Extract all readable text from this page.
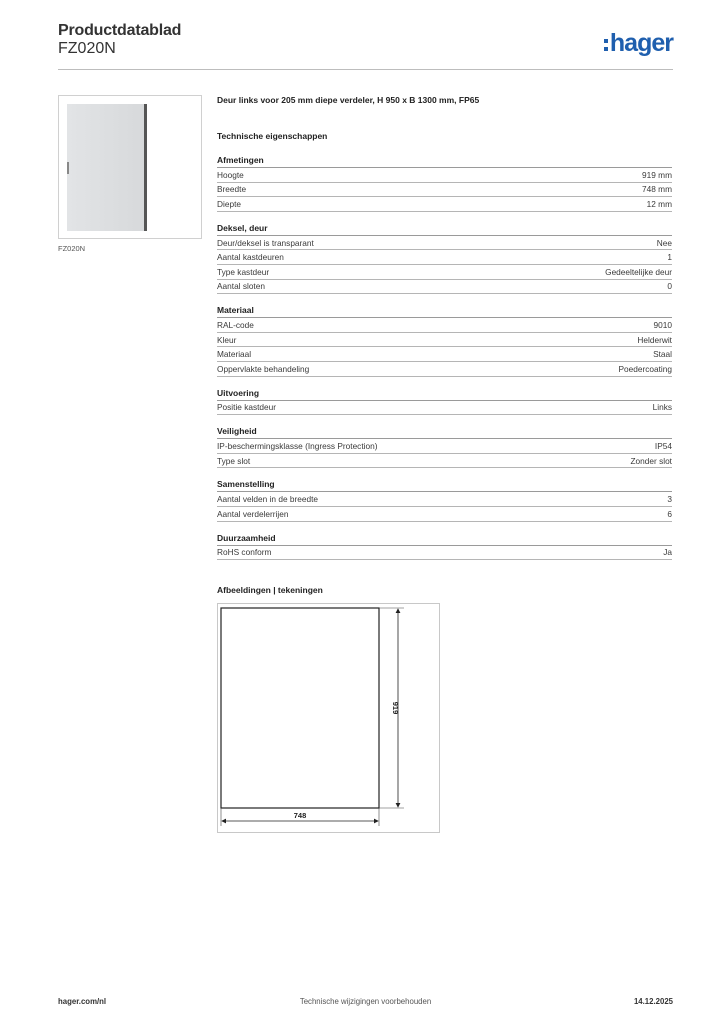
Productdatablad
FZ020N	hager
FZ020N
Deur links voor 205 mm diepe verdeler, H 950 x B 1300 mm, FP65
Technische eigenschappen
Afmetingen
Hoogte	919 mm
Breedte	748 mm
Diepte	12 mm
Deksel, deur
Deur/deksel is transparant	Nee
Aantal kastdeuren	1
Type kastdeur	Gedeeltelijke deur
Aantal sloten	0
Materiaal
RAL-code	9010
Kleur	Helderwit
Materiaal	Staal
Oppervlakte behandeling	Poedercoating
Uitvoering
Positie kastdeur	Links
Veiligheid
IP-beschermingsklasse (Ingress Protection)	IP54
Type slot	Zonder slot
Samenstelling
Aantal velden in de breedte	3
Aantal verdelerrijen	6
Duurzaamheid
RoHS conform	Ja
Afbeeldingen | tekeningen
919
748
hager.com/nl	Technische wijzigingen voorbehouden	14.12.2025
